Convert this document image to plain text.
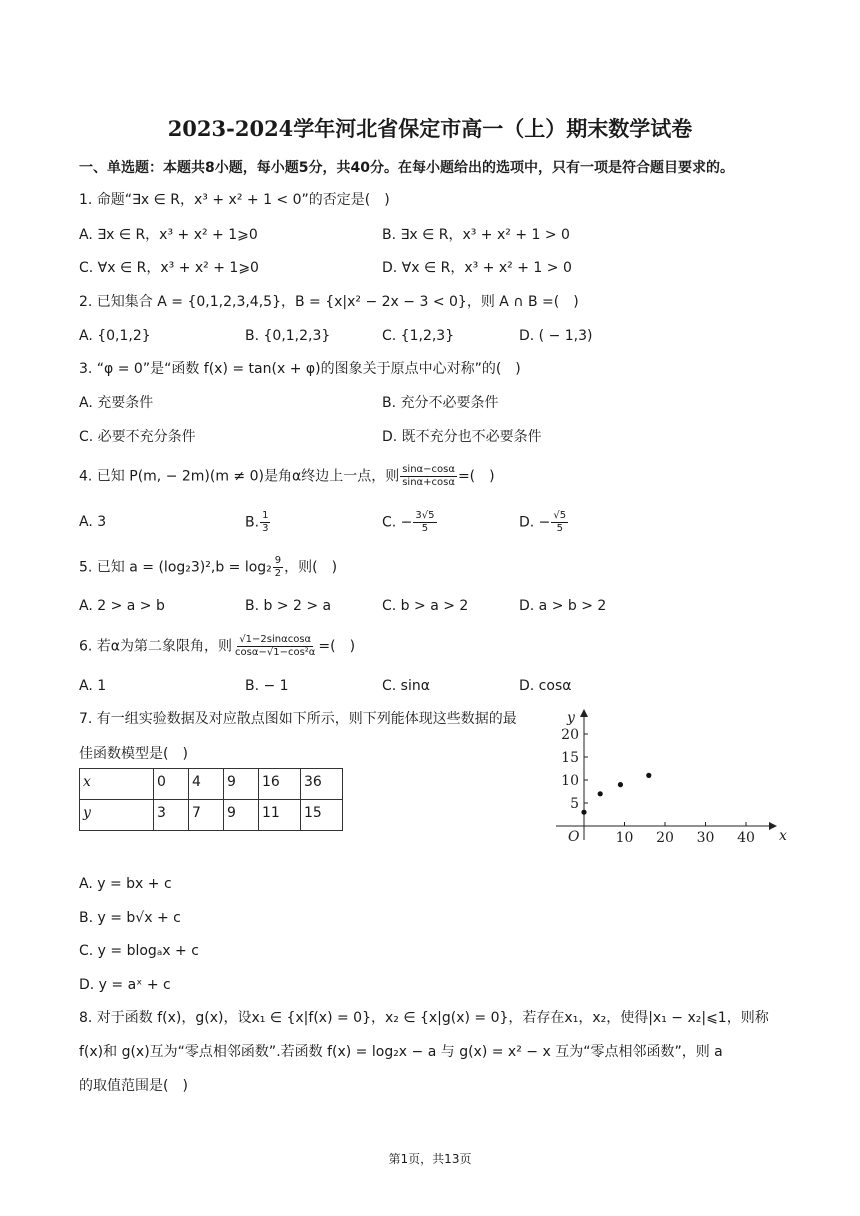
2023-2024学年河北省保定市高一（上）期末数学试卷
一、单选题：本题共8小题，每小题5分，共40分。在每小题给出的选项中，只有一项是符合题目要求的。
1. 命题“∃x ∈ R，x³ + x² + 1 < 0”的否定是(　)
A. ∃x ∈ R，x³ + x² + 1⩾0	B. ∃x ∈ R，x³ + x² + 1 > 0
C. ∀x ∈ R，x³ + x² + 1⩾0	D. ∀x ∈ R，x³ + x² + 1 > 0
2. 已知集合 A = {0,1,2,3,4,5}，B = {x|x² − 2x − 3 < 0}，则 A ∩ B =(　)
A. {0,1,2}	B. {0,1,2,3}	C. {1,2,3}	D. ( − 1,3)
3. “φ = 0”是“函数 f(x) = tan(x + φ)的图象关于原点中心对称”的(　)
A. 充要条件	B. 充分不必要条件
C. 必要不充分条件	D. 既不充分也不必要条件
4. 已知 P(m, − 2m)(m ≠ 0)是角α终边上一点，则 $\frac{\sin\alpha-\cos\alpha}{\sin\alpha+\cos\alpha}$ =(　)
A. 3	B. $\frac{1}{3}$	C. − $\frac{3√5}{5}$	D. − $\frac{√5}{5}$
5. 已知 $a = (\log_23)^2,b = \log_2 \frac{9}{2}$ ，则(　)
A. 2 > a > b	B. b > 2 > a	C. b > a > 2	D. a > b > 2
6. 若α为第二象限角，则 $\frac{√1-2\sin\alpha\cos\alpha}{\text{cosα−√1−cos²α}}$ =(　)
A. 1	B. − 1	C. sinα	D. cosα
7. 有一组实验数据及对应散点图如下所示，则下列能体现这些数据的最
佳函数模型是(　)
x	0	4	9	16	36
y	3	7	9	11	15
O	x
y
10 20 30 40
5
10
15
20
A. y = bx + c
B. y = b√x + c
C. y = blogₐx + c
D. y = aˣ + c
8. 对于函数 f(x)，g(x)，设x₁ ∈ {x|f(x) = 0}，x₂ ∈ {x|g(x) = 0}，若存在x₁，x₂，使得|x₁ − x₂|⩽1，则称
f(x)和 g(x)互为“零点相邻函数”.若函数 f(x) = log₂x − a 与 g(x) = x² − x 互为“零点相邻函数”，则 a
的取值范围是(　)
第1页，共13页
